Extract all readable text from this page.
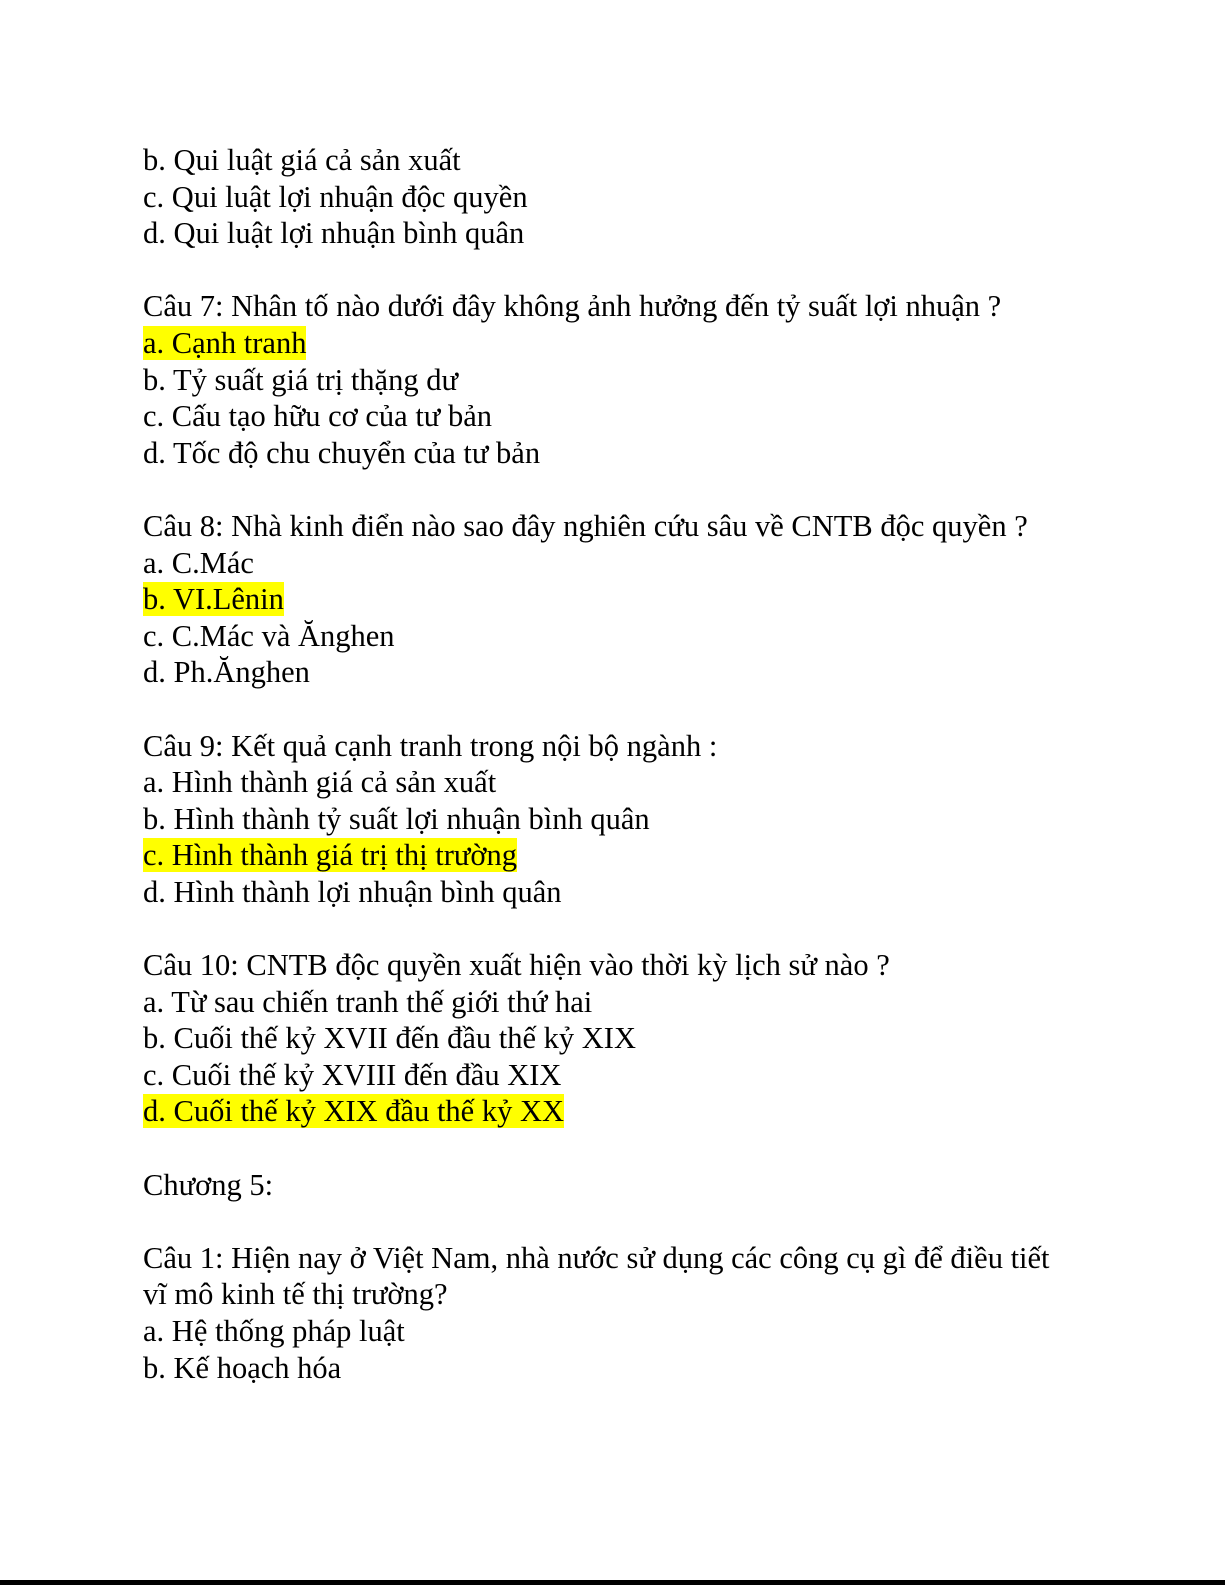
b. Qui luật giá cả sản xuất
c. Qui luật lợi nhuận độc quyền
d. Qui luật lợi nhuận bình quân
Câu 7: Nhân tố nào dưới đây không ảnh hưởng đến tỷ suất lợi nhuận ?
a. Cạnh tranh
b. Tỷ suất giá trị thặng dư
c. Cấu tạo hữu cơ của tư bản
d. Tốc độ chu chuyển của tư bản
Câu 8: Nhà kinh điển nào sao đây nghiên cứu sâu về CNTB độc quyền ?
a. C.Mác
b. VI.Lênin
c. C.Mác và Ănghen
d. Ph.Ănghen
Câu 9: Kết quả cạnh tranh trong nội bộ ngành :
a. Hình thành giá cả sản xuất
b. Hình thành tỷ suất lợi nhuận bình quân
c. Hình thành giá trị thị trường
d. Hình thành lợi nhuận bình quân
Câu 10: CNTB độc quyền xuất hiện vào thời kỳ lịch sử nào ?
a. Từ sau chiến tranh thế giới thứ hai
b. Cuối thế kỷ XVII đến đầu thế kỷ XIX
c. Cuối thế kỷ XVIII đến đầu XIX
d. Cuối thế kỷ XIX đầu thế kỷ XX
Chương 5:
Câu 1: Hiện nay ở Việt Nam, nhà nước sử dụng các công cụ gì để điều tiết vĩ mô kinh tế thị trường?
a. Hệ thống pháp luật
b. Kế hoạch hóa
